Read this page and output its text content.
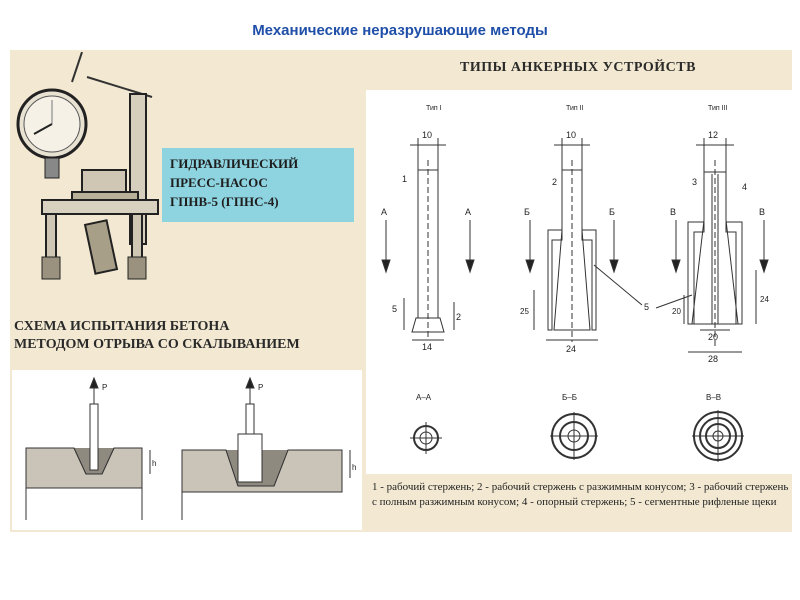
Механические неразрушающие методы
ГИДРАВЛИЧЕСКИЙ
ПРЕСС-НАСОС
ГПНВ-5 (ГПНС-4)
ТИПЫ АНКЕРНЫХ УСТРОЙСТВ
Тип I	Тип II	Тип III
10
14
1
А	А
5
2
10
24
2
Б	Б
25	5
12
20
28
3	4
В	В
20
24
А–А	Б–Б	В–В
СХЕМА ИСПЫТАНИЯ БЕТОНА
МЕТОДОМ ОТРЫВА СО СКАЛЫВАНИЕМ
P
h
P
h
1 - рабочий стержень; 2 - рабочий стержень с разжимным конусом; 3 - рабочий стержень с полным разжимным конусом; 4 - опорный стержень; 5 - сегментные рифленые щеки
